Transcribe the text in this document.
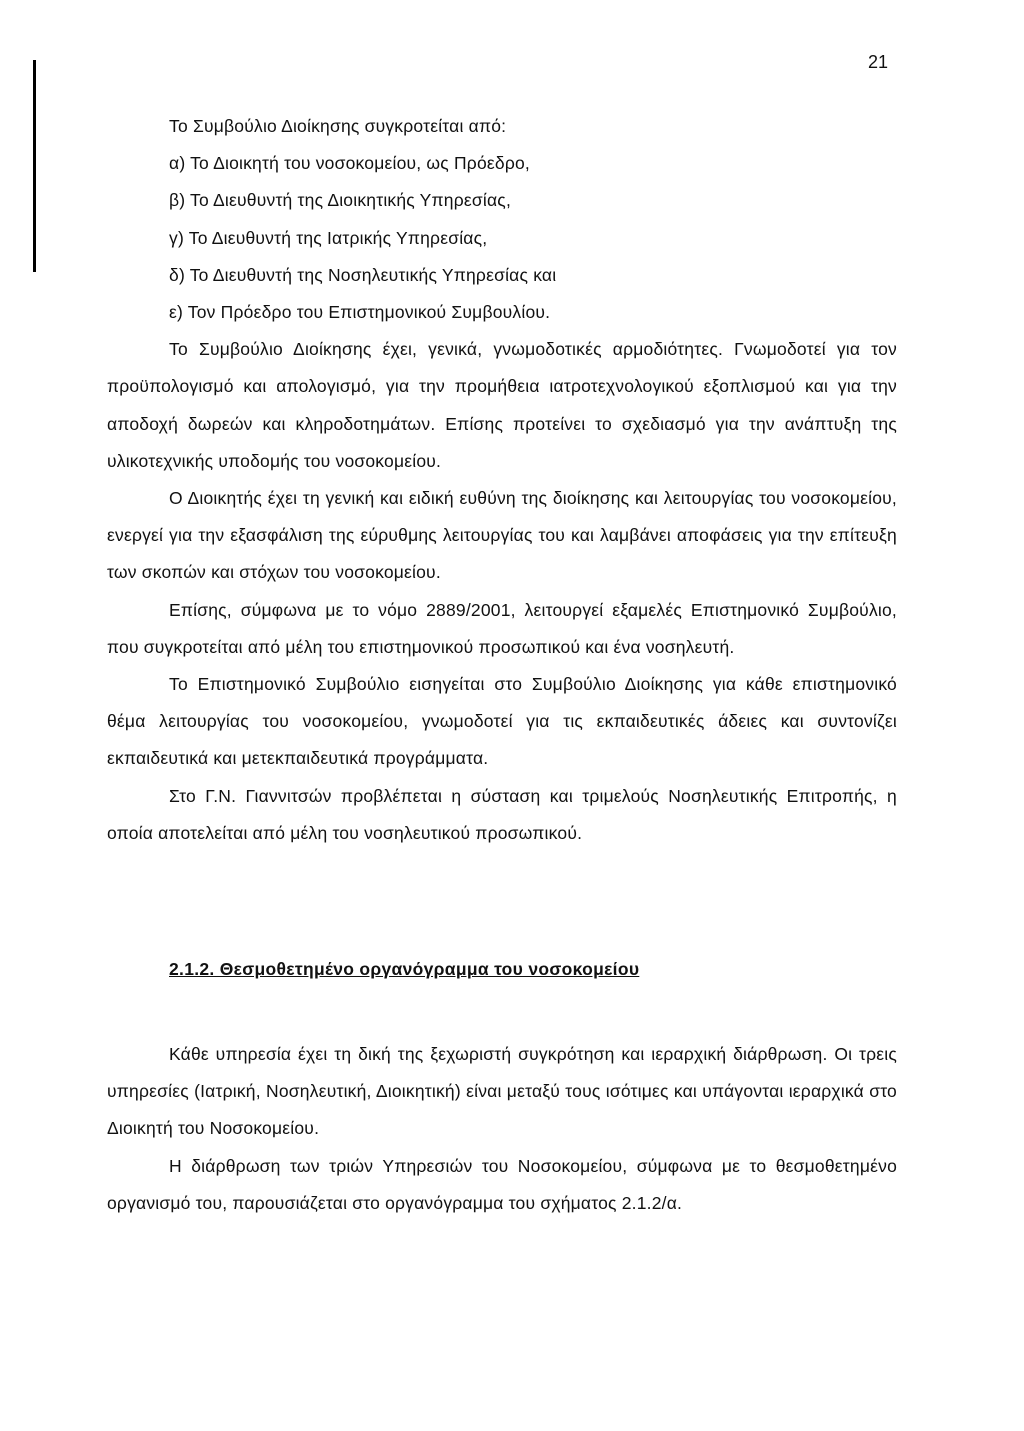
21

Το Συμβούλιο Διοίκησης συγκροτείται από:

α) Το Διοικητή του νοσοκομείου, ως Πρόεδρο,

β) Το Διευθυντή της Διοικητικής Υπηρεσίας,

γ) Το Διευθυντή της Ιατρικής Υπηρεσίας,

δ) Το Διευθυντή της Νοσηλευτικής Υπηρεσίας και

ε) Τον Πρόεδρο του Επιστημονικού Συμβουλίου.

Το Συμβούλιο Διοίκησης έχει, γενικά, γνωμοδοτικές αρμοδιότητες. Γνωμοδοτεί για τον προϋπολογισμό και απολογισμό, για την προμήθεια ιατροτεχνολογικού εξοπλισμού και για την αποδοχή δωρεών και κληροδοτημάτων. Επίσης προτείνει το σχεδιασμό για την ανάπτυξη της υλικοτεχνικής υποδομής του νοσοκομείου.

Ο Διοικητής έχει τη γενική και ειδική ευθύνη της διοίκησης και λειτουργίας του νοσοκομείου, ενεργεί για την εξασφάλιση της εύρυθμης λειτουργίας του και λαμβάνει αποφάσεις για την επίτευξη των σκοπών και στόχων του νοσοκομείου.

Επίσης, σύμφωνα με το νόμο 2889/2001, λειτουργεί εξαμελές Επιστημονικό Συμβούλιο, που συγκροτείται από μέλη του επιστημονικού προσωπικού και ένα νοσηλευτή.

Το Επιστημονικό Συμβούλιο εισηγείται στο Συμβούλιο Διοίκησης για κάθε επιστημονικό θέμα λειτουργίας του νοσοκομείου, γνωμοδοτεί για τις εκπαιδευτικές άδειες και συντονίζει εκπαιδευτικά και μετεκπαιδευτικά προγράμματα.

Στο Γ.Ν. Γιαννιτσών προβλέπεται η σύσταση και τριμελούς Νοσηλευτικής Επιτροπής, η οποία αποτελείται από μέλη του νοσηλευτικού προσωπικού.

2.1.2. Θεσμοθετημένο οργανόγραμμα του νοσοκομείου

Κάθε υπηρεσία έχει τη δική της ξεχωριστή συγκρότηση και ιεραρχική διάρθρωση. Οι τρεις υπηρεσίες (Ιατρική, Νοσηλευτική, Διοικητική) είναι μεταξύ τους ισότιμες και υπάγονται ιεραρχικά στο Διοικητή του Νοσοκομείου.

Η διάρθρωση των τριών Υπηρεσιών του Νοσοκομείου, σύμφωνα με το θεσμοθετημένο οργανισμό του, παρουσιάζεται στο οργανόγραμμα του σχήματος 2.1.2/α.
